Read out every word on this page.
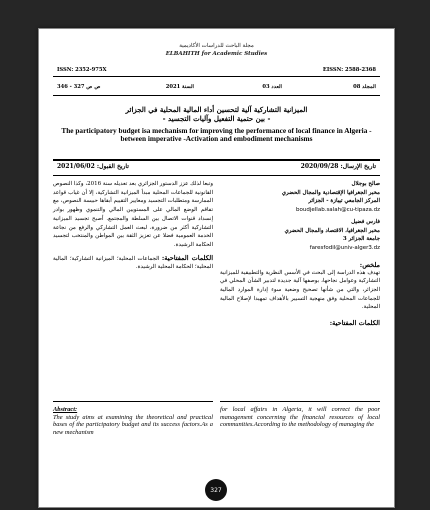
مجلة الباحث للدراسات الأكاديمية
ELBAHITH for Academic Studies
ISSN: 2352-975X	EISSN: 2588-2368
المجلد 08
العدد 03
السنة 2021
ص ص 327 - 346
الميزانية التشاركية آلية لتحسين أداء المالية المحلية في الجزائر
- بين حتمية التفعيل وآليات التجسيد -
The participatory budget isa mechanism for improving the performance of local finance in Algeria - between imperative -Activation and embodiment mechanisms
تاريخ الإرسال: 2020/09/28
تاريخ القبول: 2021/06/02
صالح بوجلال
مخبر الجغرافيا الإقتصادية والمجال الحضري
المركز الجامعي تيبازة - الجزائر
boudjellab.salah@cu-tipaza.dz
فارس فضيل
مخبر الجغرافيا، الاقتصاد والمجال الحضري
جامعة الجزائر 3
faresfodil@univ-alger3.dz
ملخص:
تهدف هذه الدراسة إلى البحث في الأسس النظرية والتطبيقية للميزانية التشاركية وعوامل نجاحها، بوصفها آلية جديدة لتدبير الشأن المحلي في الجزائر، والتي من شأنها تصحيح وضعية سوء إدارة الموارد المالية للجماعات المحلية وفق منهجية التسيير بالأهداف تمهيدا لإصلاح المالية المحلية.
الكلمات المفتاحية:
وتبعا لذلك عزز الدستور الجزائري بعد تعديله سنة 2016، وكذا النصوص القانونية للجماعات المحلية مبدأ الميزانية التشاركية، إلا أن غياب قواعد الممارسة ومتطلبات التجسيد ومعايير التقييم أبقاها حبيسة النصوص، مع تفاقم الوضع المالي على المستويين المالي والتنموي وظهور بوادر إنسداد قنوات الاتصال بين السلطة والمجتمع. أصبح تجسيد الميزانية التشاركية أكثر من ضرورة، لبعث العمل التشاركي والرفع من نجاعة الخدمة العمومية فضلا عن تعزيز الثقة بين المواطن والمنتخب لتجسيد الحكامة الرشيدة.
الكلمات المفتاحية: الجماعات المحلية؛ الميزانية التشاركية؛ المالية المحلية؛ الحكامة المحلية الرشيدة.
Abstract:
The study aims at examining the theoretical and practical bases of the participatory budget and its success factors.As a new mechanism
for local affairs in Algeria, it will correct the poor management concerning the financial resources of local communities.According to the methodology of managing the
327
